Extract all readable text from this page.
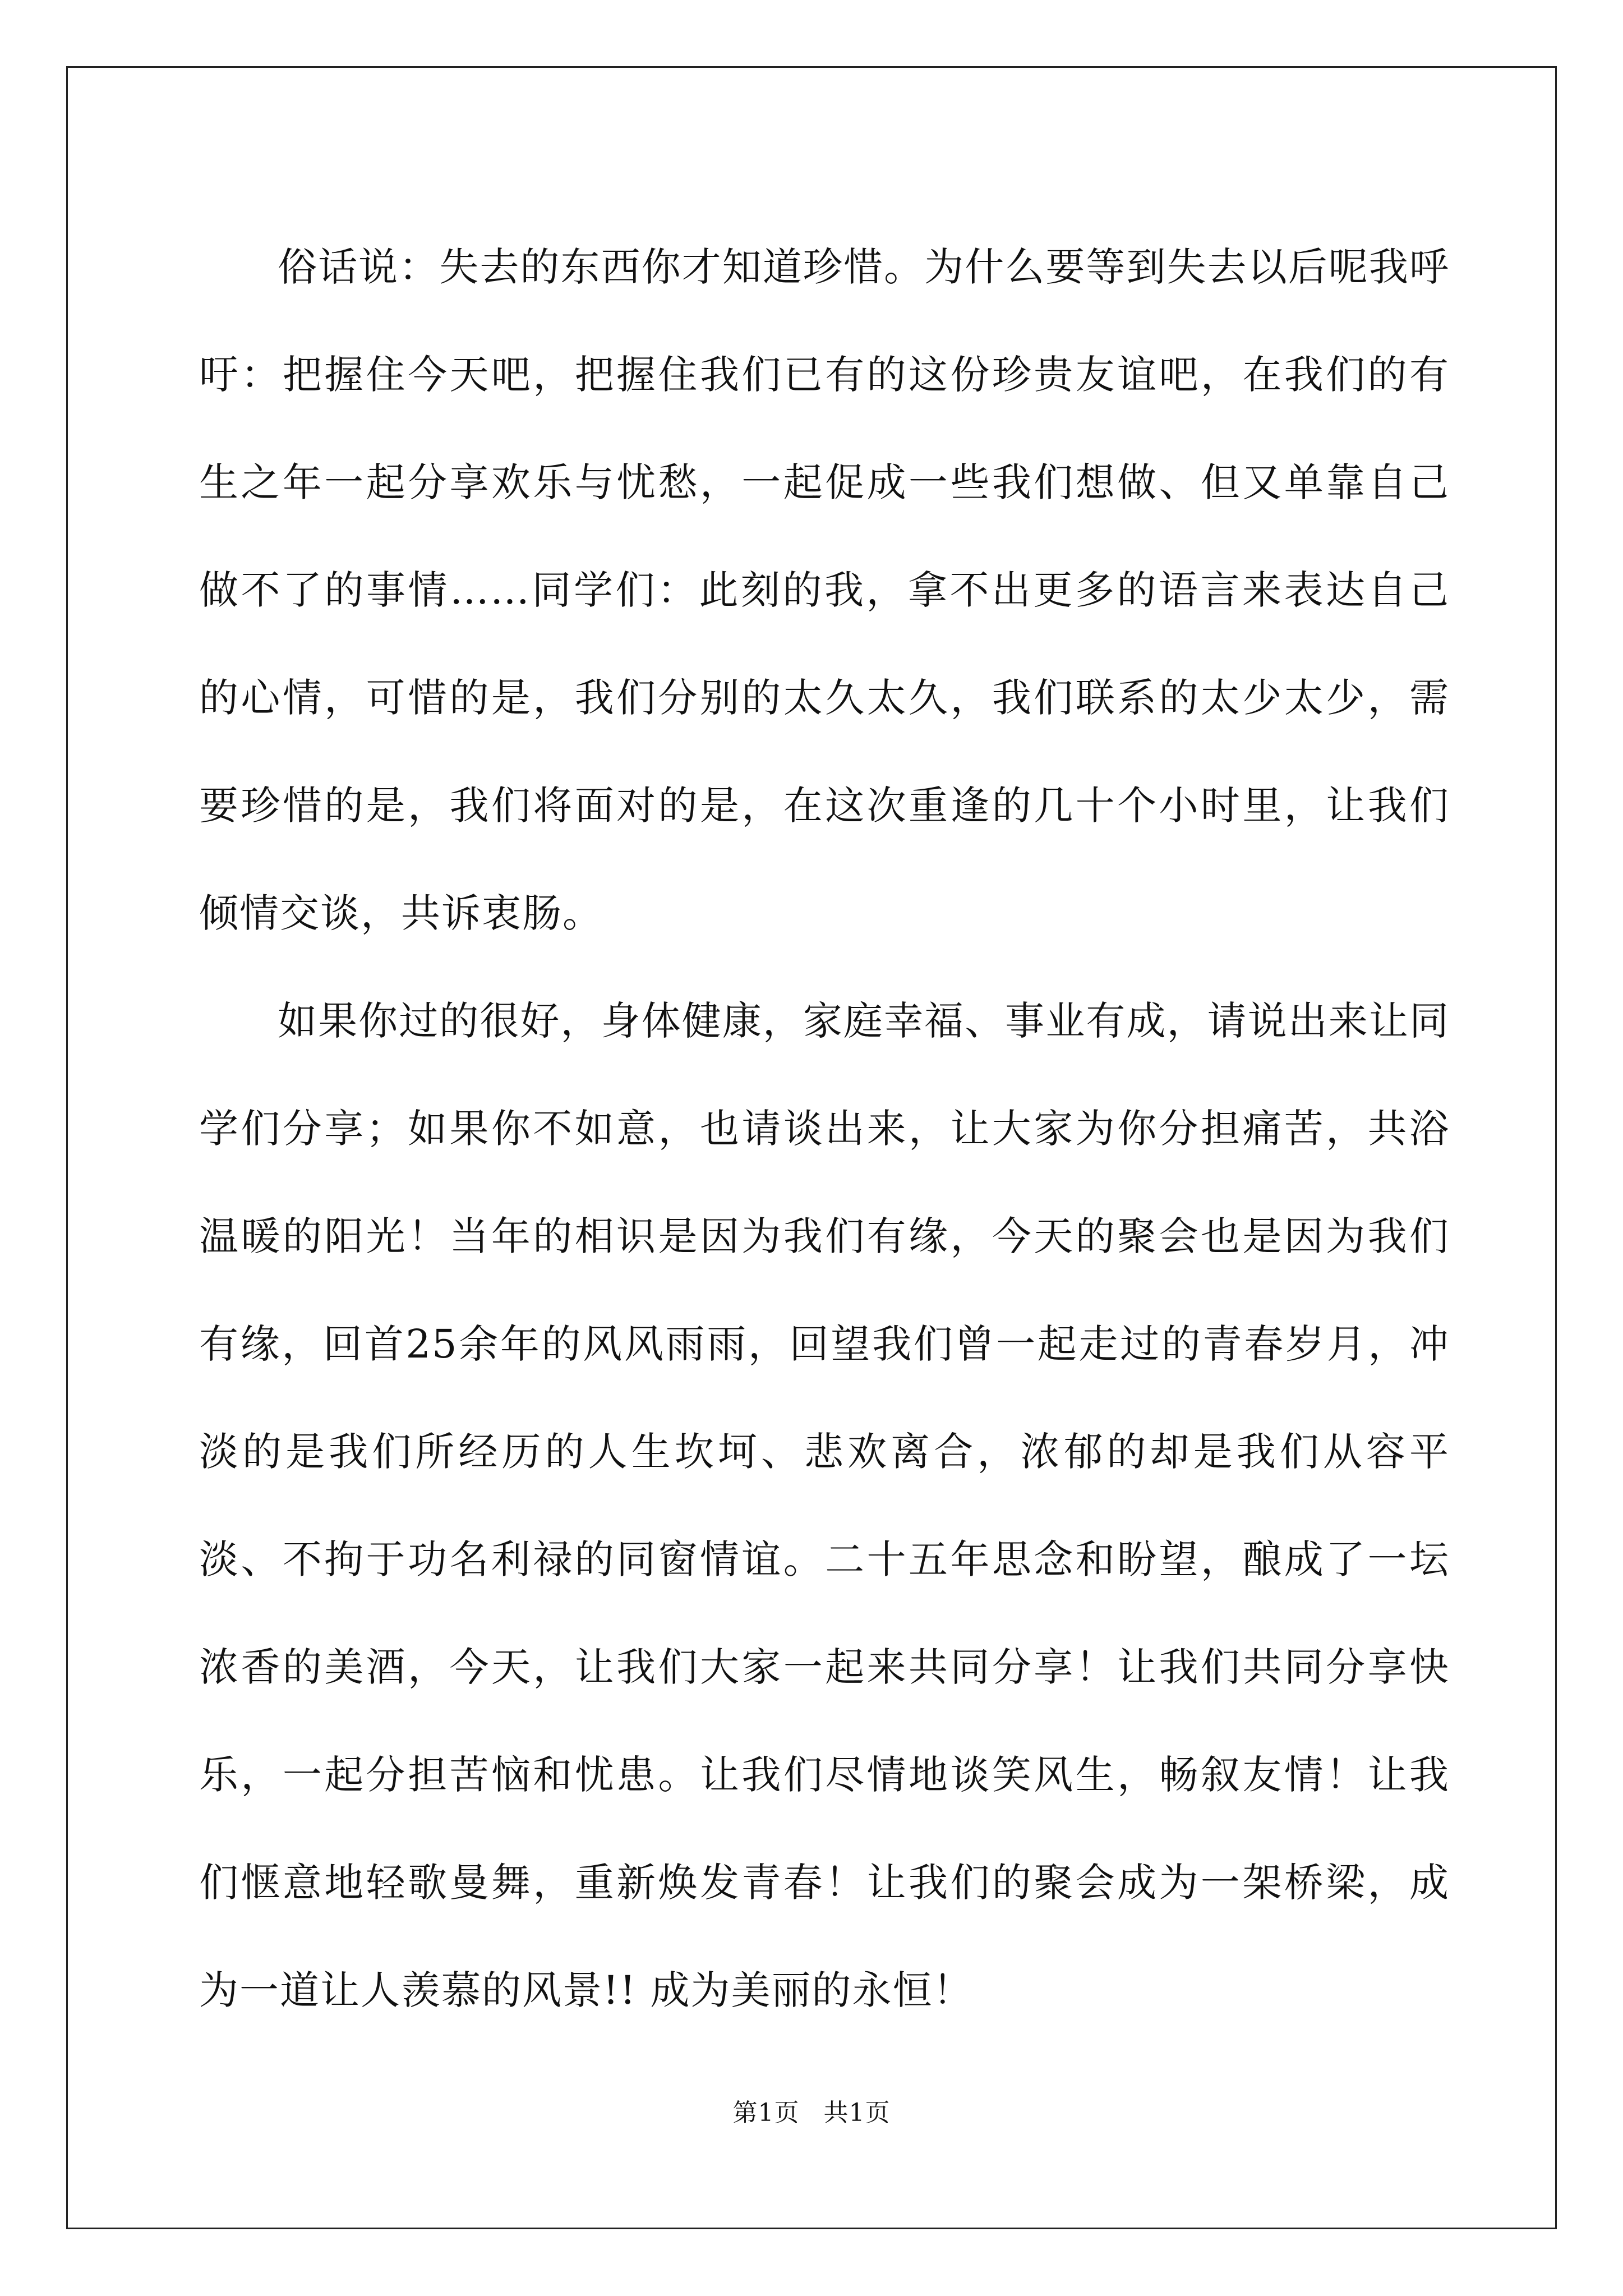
俗话说：失去的东西你才知道珍惜。为什么要等到失去以后呢我呼吁：把握住今天吧，把握住我们已有的这份珍贵友谊吧，在我们的有生之年一起分享欢乐与忧愁，一起促成一些我们想做、但又单靠自己做不了的事情……同学们：此刻的我，拿不出更多的语言来表达自己的心情，可惜的是，我们分别的太久太久，我们联系的太少太少，需要珍惜的是，我们将面对的是，在这次重逢的几十个小时里，让我们倾情交谈，共诉衷肠。

如果你过的很好，身体健康，家庭幸福、事业有成，请说出来让同学们分享；如果你不如意，也请谈出来，让大家为你分担痛苦，共浴温暖的阳光！当年的相识是因为我们有缘，今天的聚会也是因为我们有缘，回首25余年的风风雨雨，回望我们曾一起走过的青春岁月，冲淡的是我们所经历的人生坎坷、悲欢离合，浓郁的却是我们从容平淡、不拘于功名利禄的同窗情谊。二十五年思念和盼望，酿成了一坛浓香的美酒，今天，让我们大家一起来共同分享！让我们共同分享快乐，一起分担苦恼和忧患。让我们尽情地谈笑风生，畅叙友情！让我们惬意地轻歌曼舞，重新焕发青春！让我们的聚会成为一架桥梁，成为一道让人羡慕的风景!! 成为美丽的永恒！

第1页 共1页
